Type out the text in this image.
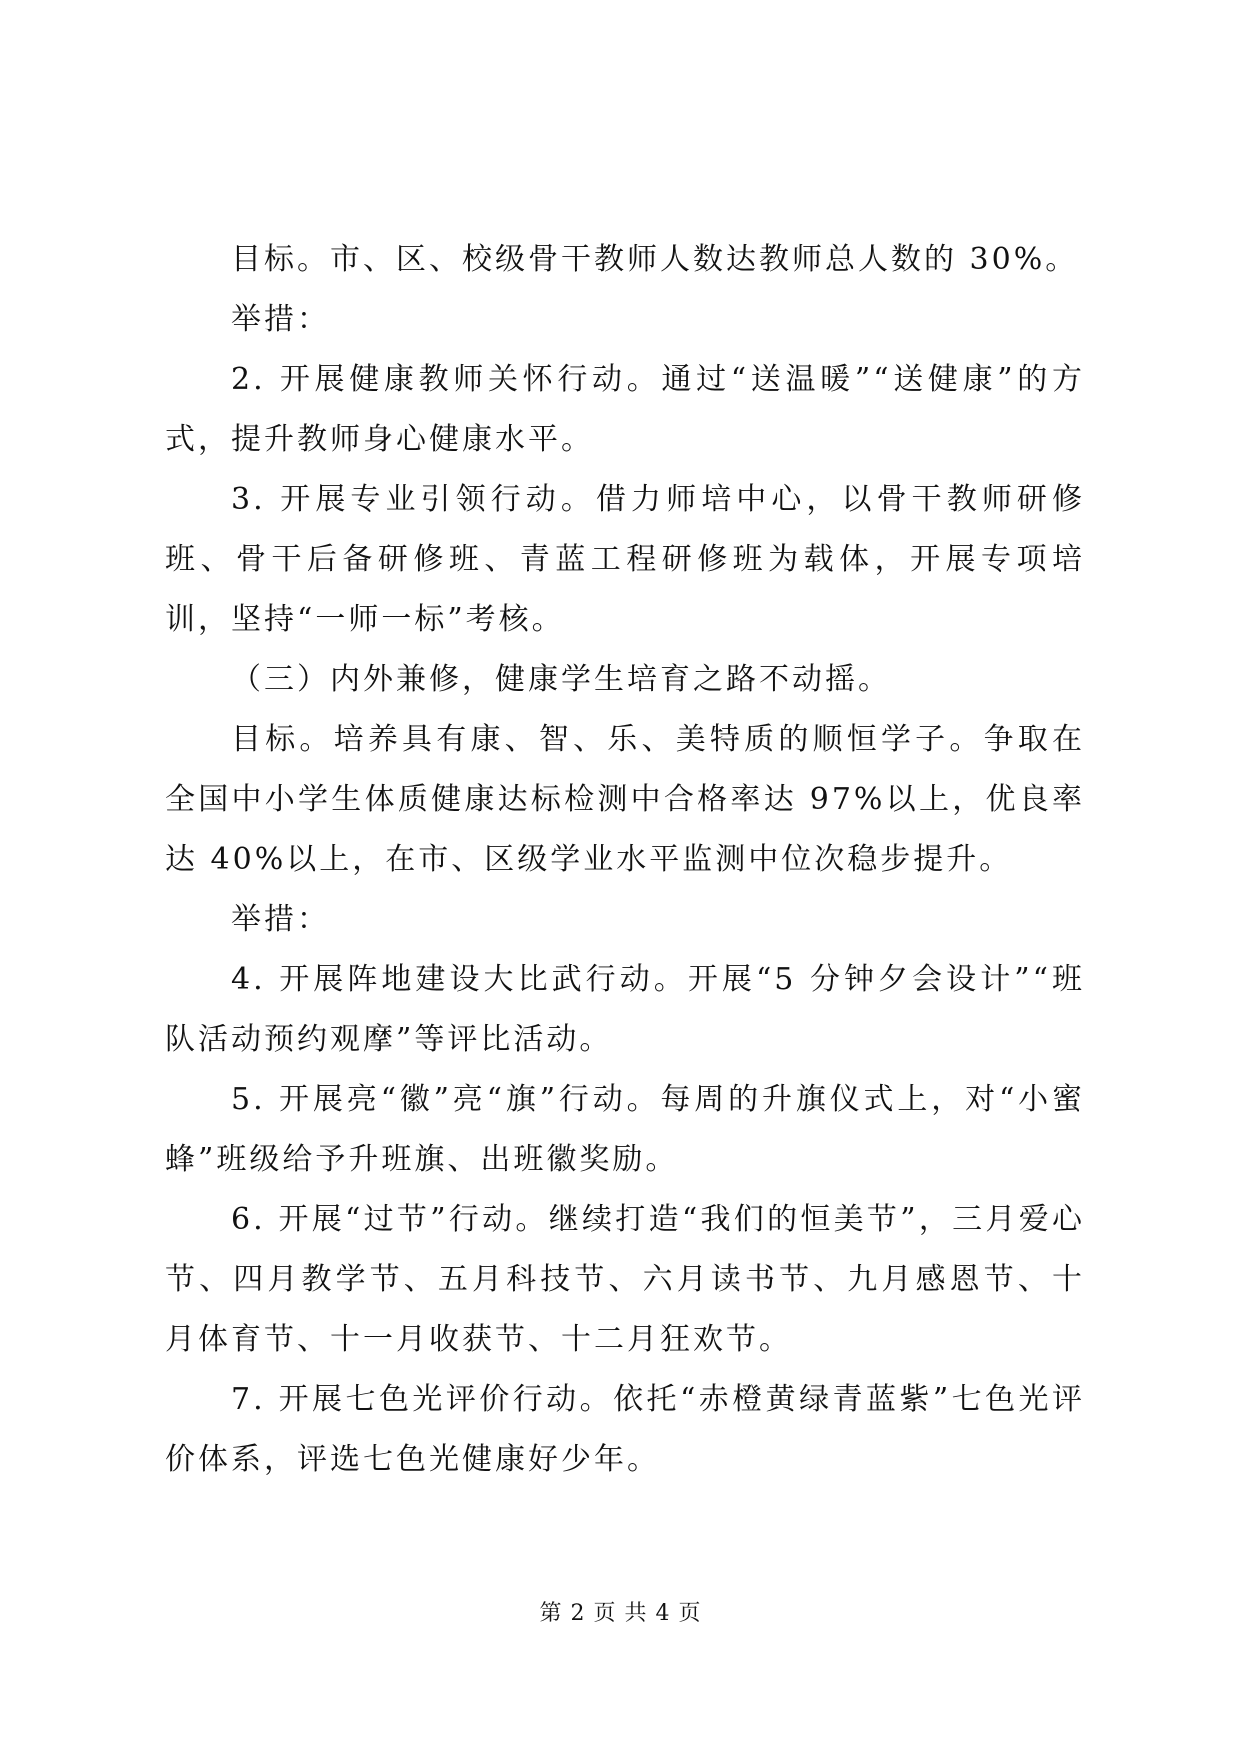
目标。市、区、校级骨干教师人数达教师总人数的 30%。

举措：

2. 开展健康教师关怀行动。通过“送温暖”“送健康”的方式，提升教师身心健康水平。

3. 开展专业引领行动。借力师培中心，以骨干教师研修班、骨干后备研修班、青蓝工程研修班为载体，开展专项培训，坚持“一师一标”考核。

（三）内外兼修，健康学生培育之路不动摇。

目标。培养具有康、智、乐、美特质的顺恒学子。争取在全国中小学生体质健康达标检测中合格率达 97%以上，优良率达 40%以上，在市、区级学业水平监测中位次稳步提升。

举措：

4. 开展阵地建设大比武行动。开展“5 分钟夕会设计”“班队活动预约观摩”等评比活动。

5. 开展亮“徽”亮“旗”行动。每周的升旗仪式上，对“小蜜蜂”班级给予升班旗、出班徽奖励。

6. 开展“过节”行动。继续打造“我们的恒美节”，三月爱心节、四月教学节、五月科技节、六月读书节、九月感恩节、十月体育节、十一月收获节、十二月狂欢节。

7. 开展七色光评价行动。依托“赤橙黄绿青蓝紫”七色光评价体系，评选七色光健康好少年。

第 2 页 共 4 页
